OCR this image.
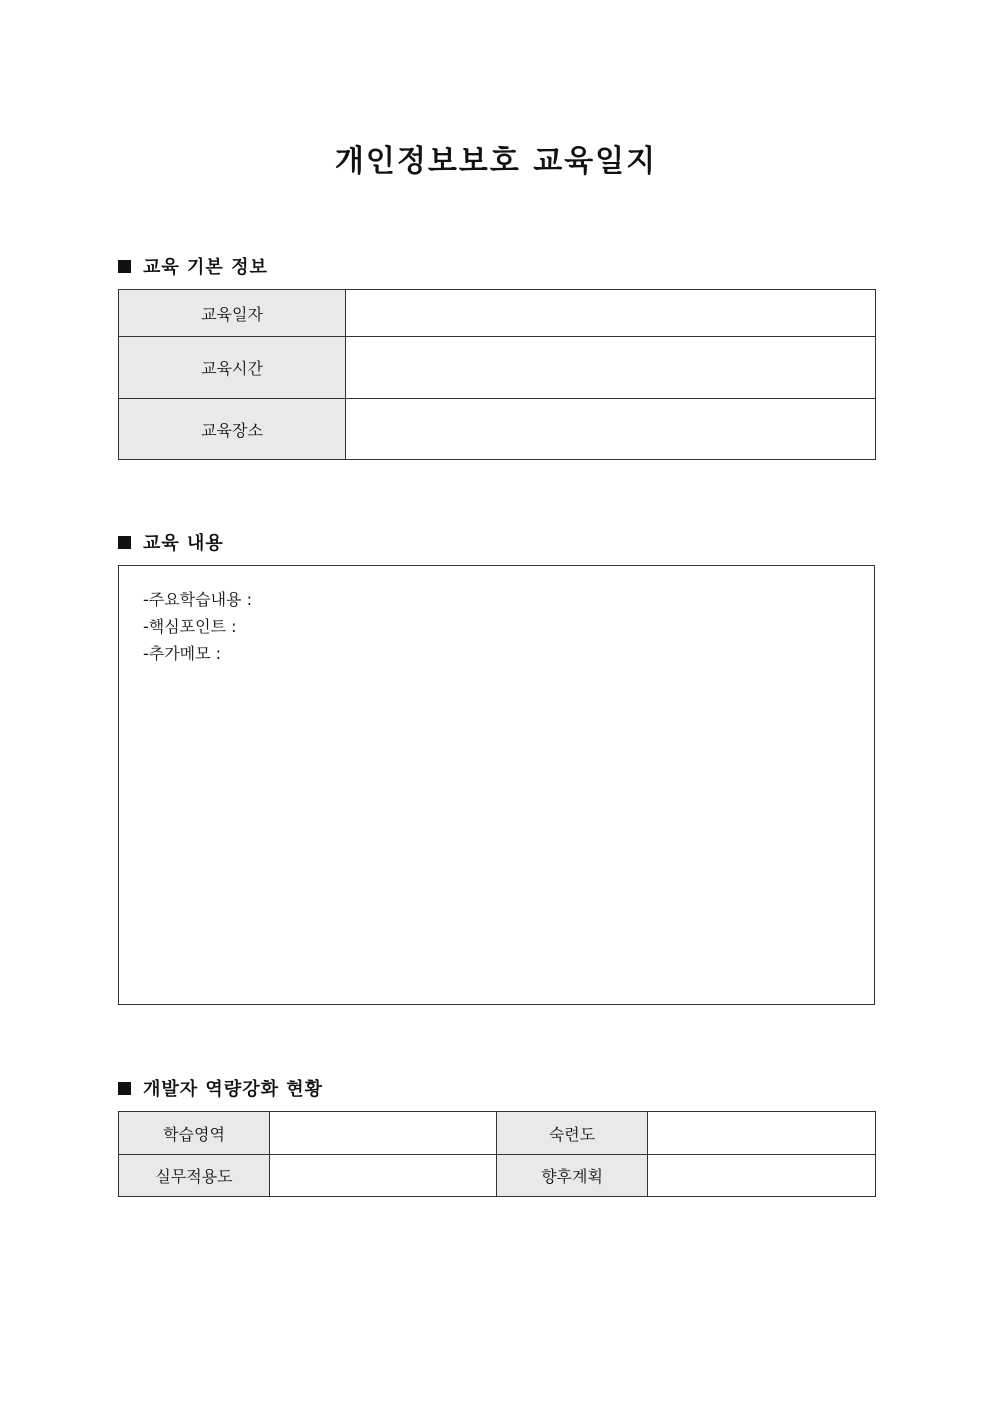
개인정보보호 교육일지
교육 기본 정보
교육일자	
교육시간	
교육장소	
교육 내용
-주요학습내용 :
-핵심포인트 :
-추가메모 :
개발자 역량강화 현황
학습영역		숙련도	
실무적용도		향후계획	
